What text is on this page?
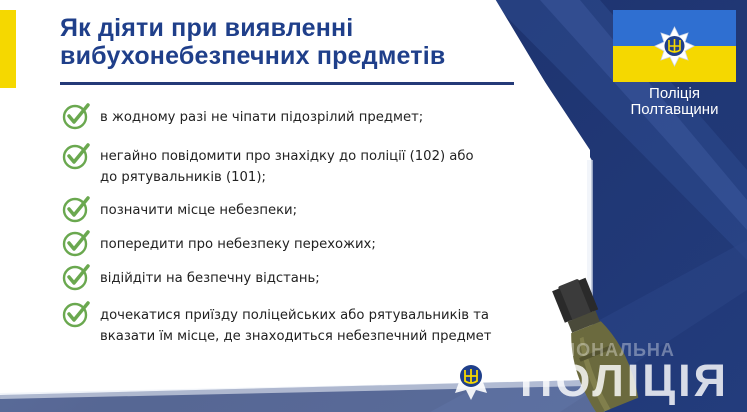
Як діяти при виявленні
вибухонебезпечних предметів
в жодному разі не чіпати підозрілий предмет;
негайно повідомити про знахідку до поліції (102) або
до рятувальників (101);
позначити місце небезпеки;
попередити про небезпеку перехожих;
відійдіти на безпечну відстань;
дочекатися приїзду поліцейських або рятувальників та
вказати їм місце, де знаходиться небезпечний предмет
Поліція
Полтавщини
НАЦІОНАЛЬНА
ПОЛІЦІЯ
